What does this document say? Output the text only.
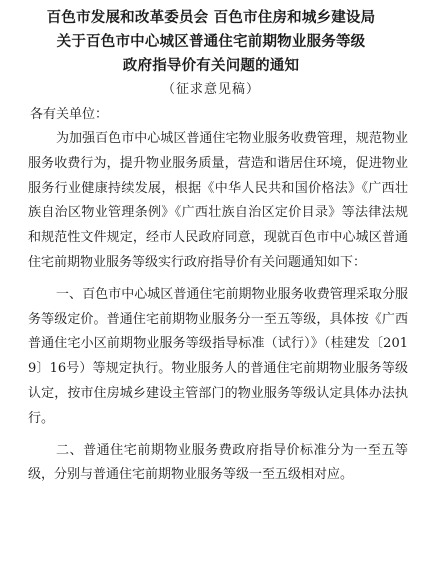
百色市发展和改革委员会 百色市住房和城乡建设局
关于百色市中心城区普通住宅前期物业服务等级
政府指导价有关问题的通知
（征求意见稿）
各有关单位：

为加强百色市中心城区普通住宅物业服务收费管理，规范物业服务收费行为，提升物业服务质量，营造和谐居住环境，促进物业服务行业健康持续发展，根据《中华人民共和国价格法》《广西壮族自治区物业管理条例》《广西壮族自治区定价目录》等法律法规和规范性文件规定，经市人民政府同意，现就百色市中心城区普通住宅前期物业服务等级实行政府指导价有关问题通知如下：

一、百色市中心城区普通住宅前期物业服务收费管理采取分服务等级定价。普通住宅前期物业服务分一至五等级，具体按《广西普通住宅小区前期物业服务等级指导标准（试行）》（桂建发〔2019〕16号）等规定执行。物业服务人的普通住宅前期物业服务等级认定，按市住房城乡建设主管部门的物业服务等级认定具体办法执行。

二、普通住宅前期物业服务费政府指导价标准分为一至五等级，分别与普通住宅前期物业服务等级一至五级相对应。
